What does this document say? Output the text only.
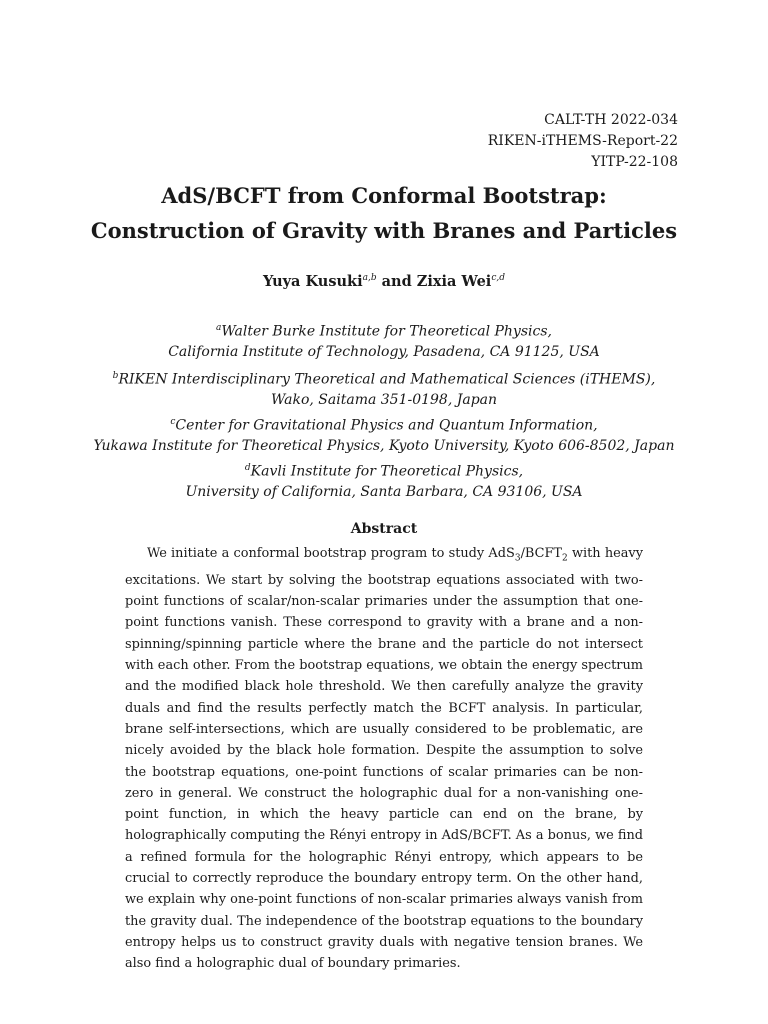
CALT-TH 2022-034
RIKEN-iTHEMS-Report-22
YITP-22-108
AdS/BCFT from Conformal Bootstrap:
Construction of Gravity with Branes and Particles
Yuya Kusuki$^{a,b}$ and Zixia Wei$^{c,d}$
$^a$Walter Burke Institute for Theoretical Physics,
California Institute of Technology, Pasadena, CA 91125, USA
$^b$RIKEN Interdisciplinary Theoretical and Mathematical Sciences (iTHEMS),
Wako, Saitama 351-0198, Japan
$^c$Center for Gravitational Physics and Quantum Information,
Yukawa Institute for Theoretical Physics, Kyoto University, Kyoto 606-8502, Japan
$^d$Kavli Institute for Theoretical Physics,
University of California, Santa Barbara, CA 93106, USA
Abstract

We initiate a conformal bootstrap program to study $AdS_3/BCFT_2$ with heavy excitations. We start by solving the bootstrap equations associated with two-point functions of scalar/non-scalar primaries under the assumption that one-point functions vanish. These correspond to gravity with a brane and a non-spinning/spinning particle where the brane and the particle do not intersect with each other. From the bootstrap equations, we obtain the energy spectrum and the modified black hole threshold. We then carefully analyze the gravity duals and find the results perfectly match the BCFT analysis. In particular, brane self-intersections, which are usually considered to be problematic, are nicely avoided by the black hole formation. Despite the assumption to solve the bootstrap equations, one-point functions of scalar primaries can be non-zero in general. We construct the holographic dual for a non-vanishing one-point function, in which the heavy particle can end on the brane, by holographically computing the Rényi entropy in AdS/BCFT. As a bonus, we find a refined formula for the holographic Rényi entropy, which appears to be crucial to correctly reproduce the boundary entropy term. On the other hand, we explain why one-point functions of non-scalar primaries always vanish from the gravity dual. The independence of the bootstrap equations to the boundary entropy helps us to construct gravity duals with negative tension branes. We also find a holographic dual of boundary primaries.
